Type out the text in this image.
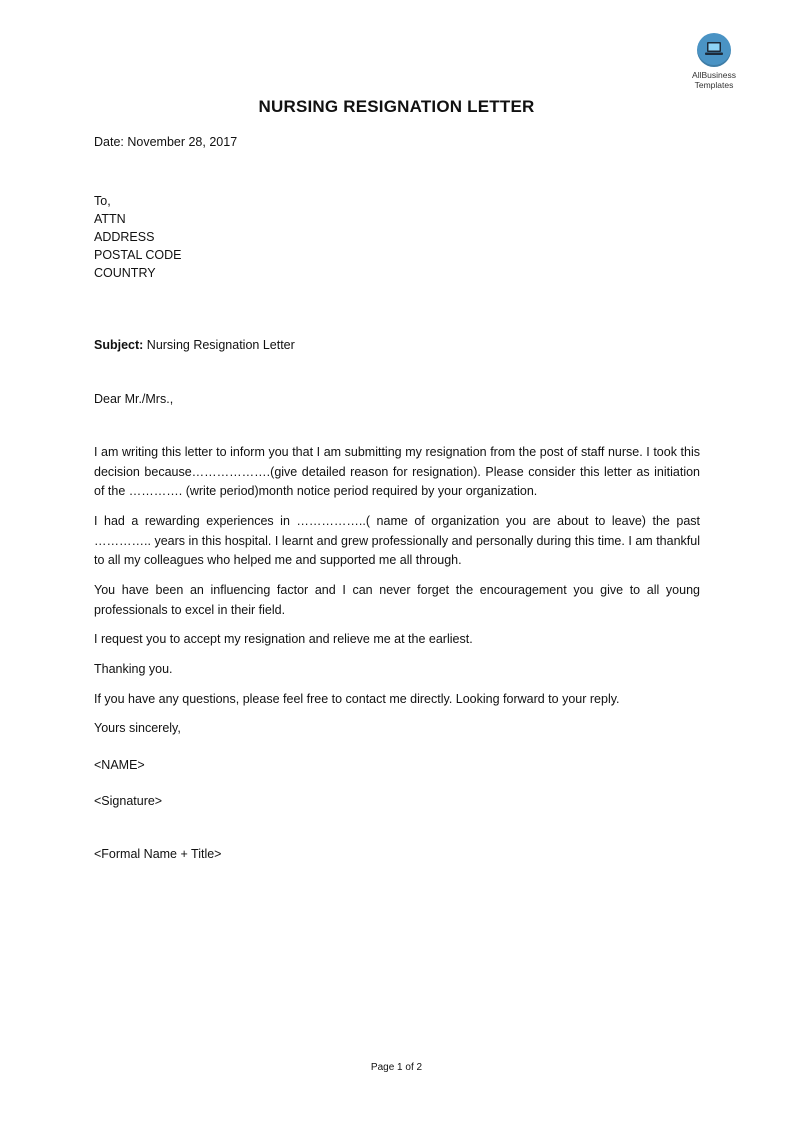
AllBusiness
Templates
NURSING RESIGNATION LETTER
Date: November 28, 2017
To,
ATTN
ADDRESS
POSTAL CODE
COUNTRY
Subject: Nursing Resignation Letter
Dear Mr./Mrs.,
I am writing this letter to inform you that I am submitting my resignation from the post of staff nurse. I took this decision because……………….(give detailed reason for resignation). Please consider this letter as initiation of the …………. (write period)month notice period required by your organization.
I had a rewarding experiences in ……………..( name of organization you are about to leave) the past ………….. years in this hospital. I learnt and grew professionally and personally during this time. I am thankful to all my colleagues who helped me and supported me all through.
You have been an influencing factor and I can never forget the encouragement you give to all young professionals to excel in their field.
I request you to accept my resignation and relieve me at the earliest.
Thanking you.
If you have any questions, please feel free to contact me directly. Looking forward to your reply.
Yours sincerely,
<NAME>
<Signature>
<Formal Name + Title>
Page 1 of 2
